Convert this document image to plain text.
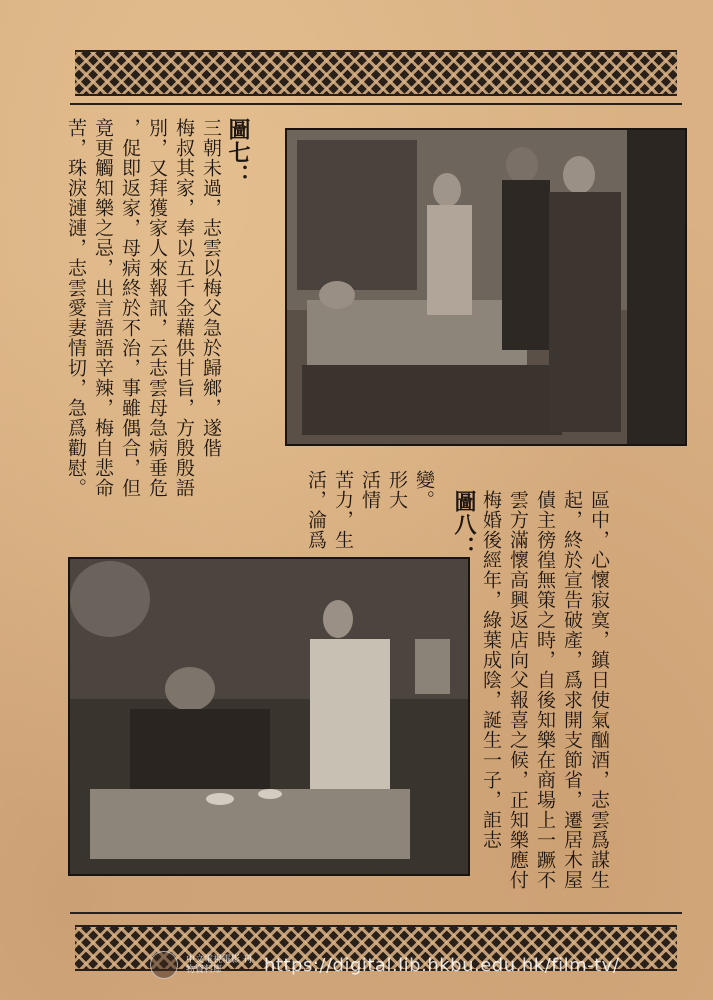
圖七：
三朝未過，志雲以梅父急於歸鄉，遂偕
梅叔其家，奉以五千金藉供甘旨，方殷殷語
別，又拜獲家人來報訊，云志雲母急病垂危
，促即返家，母病終於不治，事雖偶合，但
竟更觸知樂之忌，出言語語辛辣，梅自悲命
苦，珠淚漣漣，志雲愛妻情切，急爲勸慰。	變。
形大
活情
苦力，生
活，淪爲	區中，心懷寂寞，鎮日使氣酗酒，志雲爲謀生
起，終於宣告破產，爲求開支節省，遷居木屋
債主徬徨無策之時，自後知樂在商場上一蹶不
雲方滿懷高興返店向父報喜之候，正知樂應付
梅婚後經年，綠葉成陰，誕生一子，詎志
圖八：
中文電視電影 刊物資料庫	https://digital.lib.hkbu.edu.hk/film-tv/
